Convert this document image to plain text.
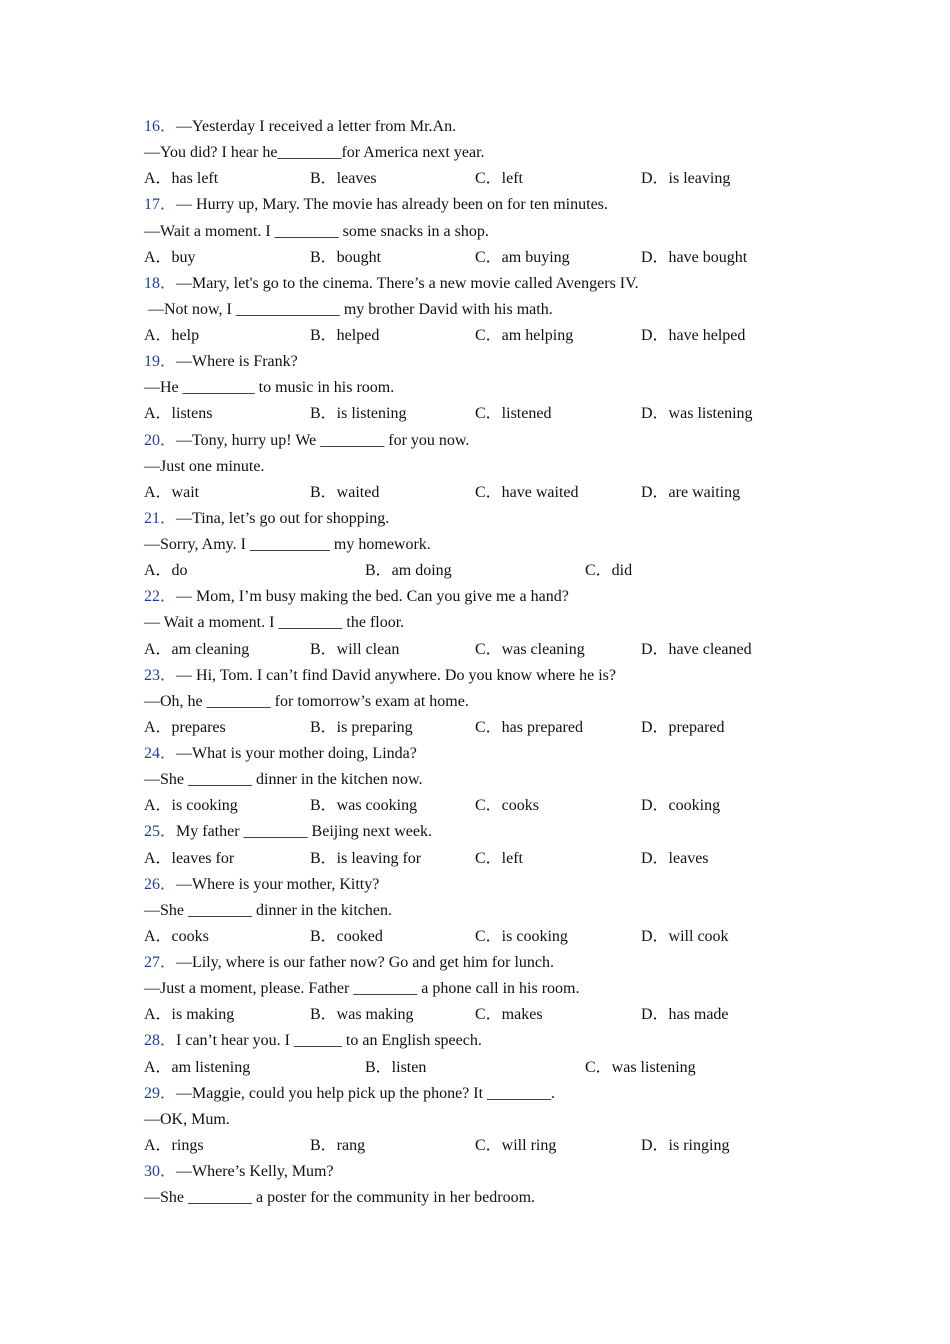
16．—Yesterday I received a letter from Mr.An.
—You did? I hear he________for America next year.
A．has left	B．leaves	C．left	D．is leaving
17．— Hurry up, Mary. The movie has already been on for ten minutes.
—Wait a moment. I ________ some snacks in a shop.
A．buy	B．bought	C．am buying	D．have bought
18．—Mary, let's go to the cinema. There’s a new movie called Avengers IV.
—Not now, I _____________ my brother David with his math.
A．help	B．helped	C．am helping	D．have helped
19．—Where is Frank?
—He _________ to music in his room.
A．listens	B．is listening	C．listened	D．was listening
20．—Tony, hurry up! We ________ for you now.
—Just one minute.
A．wait	B．waited	C．have waited	D．are waiting
21．—Tina, let’s go out for shopping.
—Sorry, Amy. I __________ my homework.
A．do	B．am doing	C．did
22．— Mom, I’m busy making the bed. Can you give me a hand?
— Wait a moment. I ________ the floor.
A．am cleaning	B．will clean	C．was cleaning	D．have cleaned
23．— Hi, Tom. I can’t find David anywhere. Do you know where he is?
—Oh, he ________ for tomorrow’s exam at home.
A．prepares	B．is preparing	C．has prepared	D．prepared
24．—What is your mother doing, Linda?
—She ________ dinner in the kitchen now.
A．is cooking	B．was cooking	C．cooks	D．cooking
25．My father ________ Beijing next week.
A．leaves for	B．is leaving for	C．left	D．leaves
26．—Where is your mother, Kitty?
—She ________ dinner in the kitchen.
A．cooks	B．cooked	C．is cooking	D．will cook
27．—Lily, where is our father now? Go and get him for lunch.
—Just a moment, please. Father ________ a phone call in his room.
A．is making	B．was making	C．makes	D．has made
28．I can’t hear you. I ______ to an English speech.
A．am listening	B．listen	C．was listening
29．—Maggie, could you help pick up the phone? It ________.
—OK, Mum.
A．rings	B．rang	C．will ring	D．is ringing
30．—Where’s Kelly, Mum?
—She ________ a poster for the community in her bedroom.
